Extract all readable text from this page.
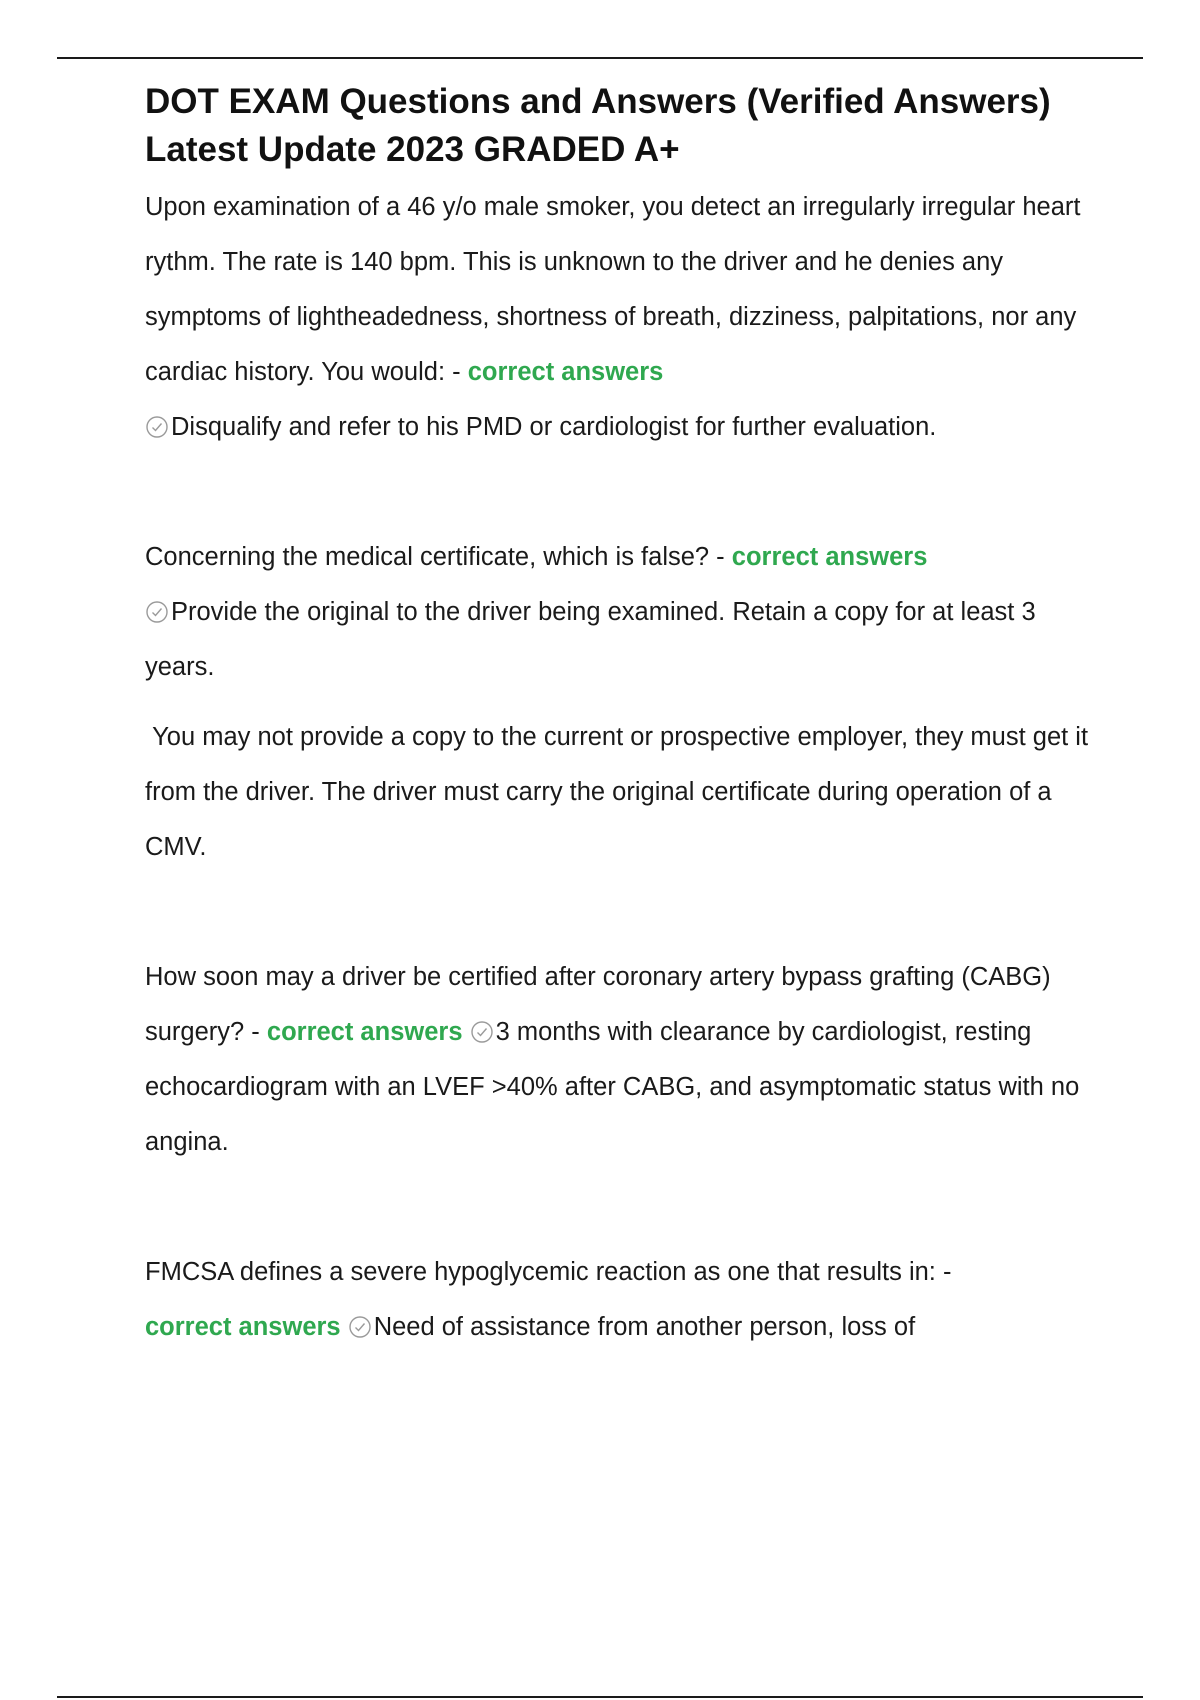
DOT EXAM Questions and Answers (Verified Answers) Latest Update 2023 GRADED A+

Upon examination of a 46 y/o male smoker, you detect an irregularly irregular heart rythm. The rate is 140 bpm. This is unknown to the driver and he denies any symptoms of lightheadedness, shortness of breath, dizziness, palpitations, nor any cardiac history. You would: - correct answers
Disqualify and refer to his PMD or cardiologist for further evaluation.

Concerning the medical certificate, which is false? - correct answers
Provide the original to the driver being examined. Retain a copy for at least 3 years.

You may not provide a copy to the current or prospective employer, they must get it from the driver. The driver must carry the original certificate during operation of a CMV.

How soon may a driver be certified after coronary artery bypass grafting (CABG) surgery? - correct answers 3 months with clearance by cardiologist, resting echocardiogram with an LVEF >40% after CABG, and asymptomatic status with no angina.

FMCSA defines a severe hypoglycemic reaction as one that results in: -
correct answers Need of assistance from another person, loss of
